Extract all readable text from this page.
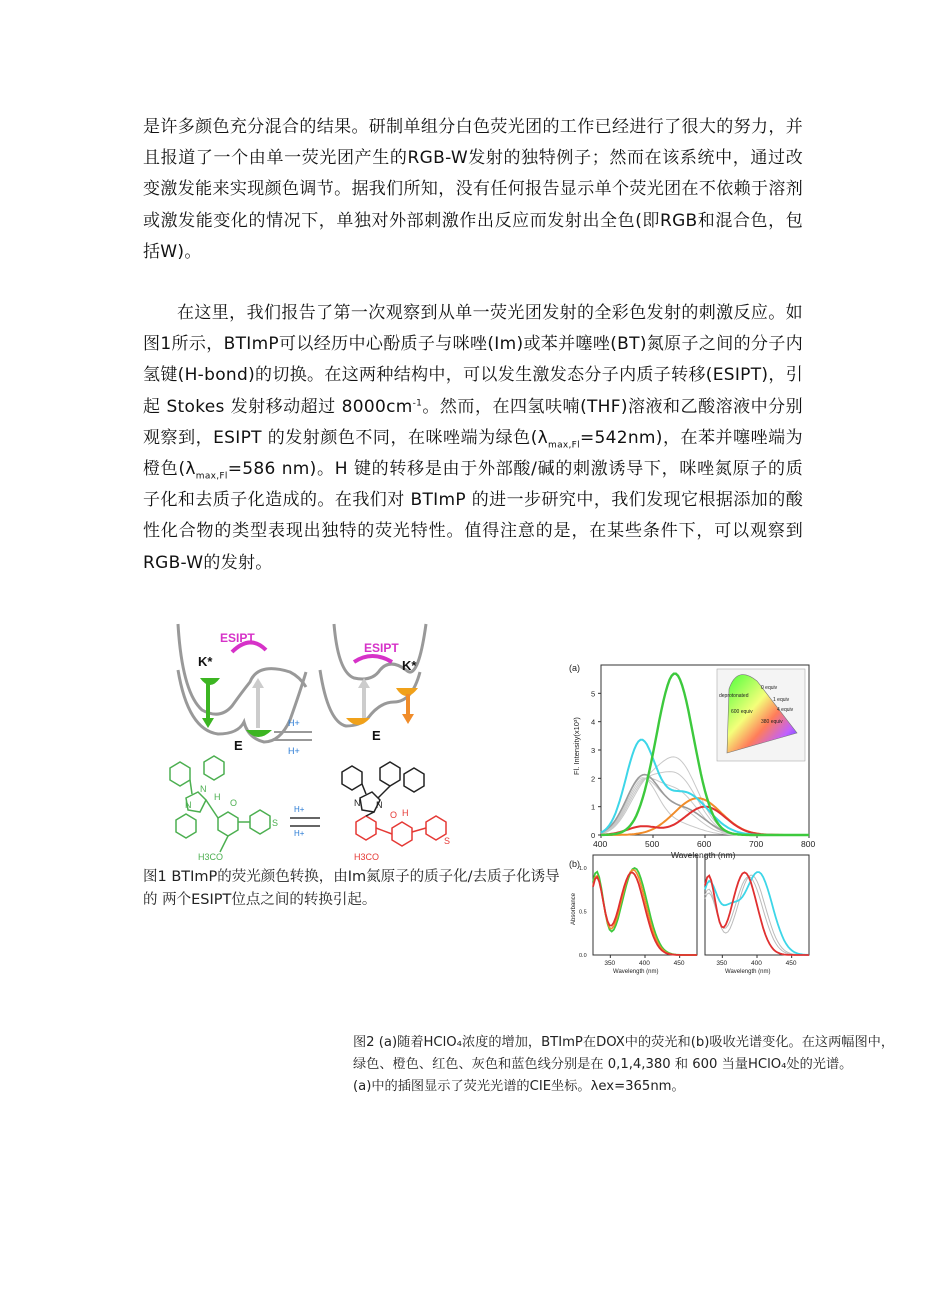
是许多颜色充分混合的结果。研制单组分白色荧光团的工作已经进行了很大的努力，并且报道了一个由单一荧光团产生的RGB-W发射的独特例子；然而在该系统中，通过改变激发能来实现颜色调节。据我们所知，没有任何报告显示单个荧光团在不依赖于溶剂或激发能变化的情况下，单独对外部刺激作出反应而发射出全色(即RGB和混合色，包括W)。

在这里，我们报告了第一次观察到从单一荧光团发射的全彩色发射的刺激反应。如图1所示，BTImP可以经历中心酚质子与咪唑(Im)或苯并噻唑(BT)氮原子之间的分子内氢键(H-bond)的切换。在这两种结构中，可以发生激发态分子内质子转移(ESIPT)，引起 Stokes 发射移动超过 $8000cm^{-1}$。然而，在四氢呋喃(THF)溶液和乙酸溶液中分别观察到，ESIPT 的发射颜色不同，在咪唑端为绿色$(\lambda_{max,Fl}=542nm)$，在苯并噻唑端为橙色($\lambda_{max,Fl}=586$ nm)。H 键的转移是由于外部酸/碱的刺激诱导下，咪唑氮原子的质子化和去质子化造成的。在我们对 BTImP 的进一步研究中，我们发现它根据添加的酸性化合物的类型表现出独特的荧光特性。值得注意的是，在某些条件下，可以观察到RGB-W的发射。

K*
ESIPT
E
H+
H+
ESIPT
K*
E
N
N	O
H
S
H3CO
H+
H+
N N
O H
S
H3CO
图1 BTImP的荧光颜色转换，由Im氮原子的质子化/去质子化诱导的 两个ESIPT位点之间的转换引起。
(a)
400	500	600	700	800
0
1
2
3
4
5
Wavelength (nm)
Fl. Intensity(x10³)
deprotonated
0 equiv
1 equiv
4 equiv
600 equiv
380 equiv
(b)
350	400	450
Wavelength (nm)
0.0
0.5
1.0
Absorbance
350	400	450
Wavelength (nm)
图2 (a)随着HClO₄浓度的增加，BTImP在DOX中的荧光和(b)吸收光谱变化。在这两幅图中，绿色、橙色、红色、灰色和蓝色线分别是在 0,1,4,380 和 600 当量HClO₄处的光谱。
(a)中的插图显示了荧光光谱的CIE坐标。λex=365nm。
